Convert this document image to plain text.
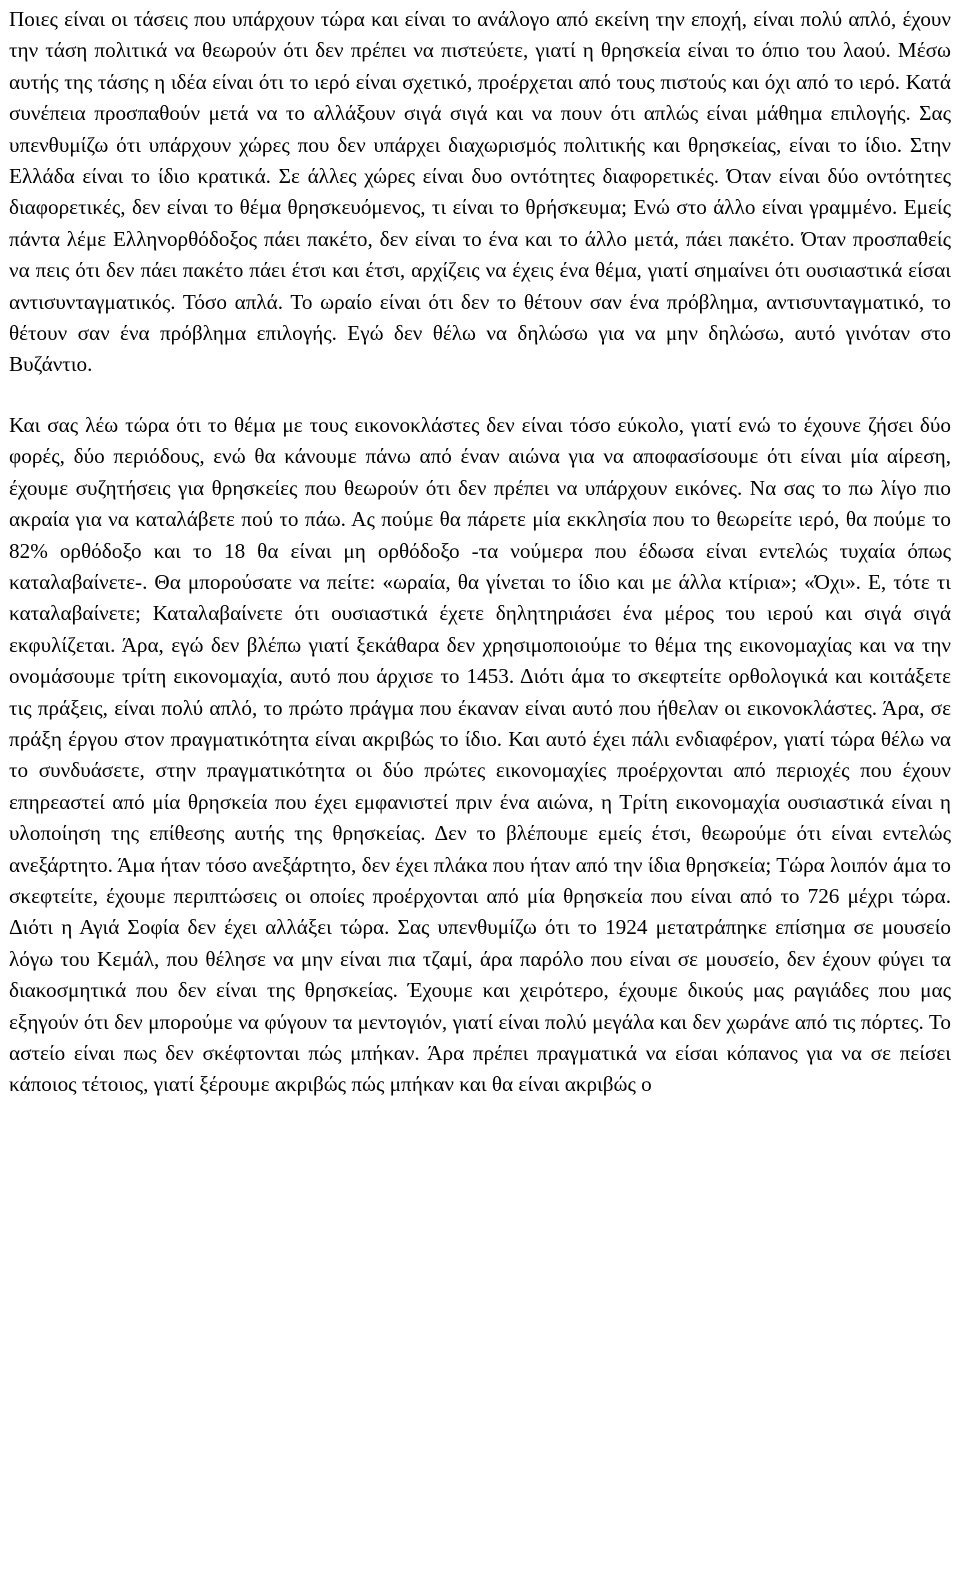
Ποιες είναι οι τάσεις που υπάρχουν τώρα και είναι το ανάλογο από εκείνη την εποχή, είναι πολύ απλό, έχουν την τάση πολιτικά να θεωρούν ότι δεν πρέπει να πιστεύετε, γιατί η θρησκεία είναι το όπιο του λαού. Μέσω αυτής της τάσης η ιδέα είναι ότι το ιερό είναι σχετικό, προέρχεται από τους πιστούς και όχι από το ιερό. Κατά συνέπεια προσπαθούν μετά να το αλλάξουν σιγά σιγά και να πουν ότι απλώς είναι μάθημα επιλογής. Σας υπενθυμίζω ότι υπάρχουν χώρες που δεν υπάρχει διαχωρισμός πολιτικής και θρησκείας, είναι το ίδιο. Στην Ελλάδα είναι το ίδιο κρατικά. Σε άλλες χώρες είναι δυο οντότητες διαφορετικές. Όταν είναι δύο οντότητες διαφορετικές, δεν είναι το θέμα θρησκευόμενος, τι είναι το θρήσκευμα; Ενώ στο άλλο είναι γραμμένο. Εμείς πάντα λέμε Ελληνορθόδοξος πάει πακέτο, δεν είναι το ένα και το άλλο μετά, πάει πακέτο. Όταν προσπαθείς να πεις ότι δεν πάει πακέτο πάει έτσι και έτσι, αρχίζεις να έχεις ένα θέμα, γιατί σημαίνει ότι ουσιαστικά είσαι αντισυνταγματικός. Τόσο απλά. Το ωραίο είναι ότι δεν το θέτουν σαν ένα πρόβλημα, αντισυνταγματικό, το θέτουν σαν ένα πρόβλημα επιλογής. Εγώ δεν θέλω να δηλώσω για να μην δηλώσω, αυτό γινόταν στο Βυζάντιο.

Και σας λέω τώρα ότι το θέμα με τους εικονοκλάστες δεν είναι τόσο εύκολο, γιατί ενώ το έχουνε ζήσει δύο φορές, δύο περιόδους, ενώ θα κάνουμε πάνω από έναν αιώνα για να αποφασίσουμε ότι είναι μία αίρεση, έχουμε συζητήσεις για θρησκείες που θεωρούν ότι δεν πρέπει να υπάρχουν εικόνες. Να σας το πω λίγο πιο ακραία για να καταλάβετε πού το πάω. Ας πούμε θα πάρετε μία εκκλησία που το θεωρείτε ιερό, θα πούμε το 82% ορθόδοξο και το 18 θα είναι μη ορθόδοξο -τα νούμερα που έδωσα είναι εντελώς τυχαία όπως καταλαβαίνετε-. Θα μπορούσατε να πείτε: «ωραία, θα γίνεται το ίδιο και με άλλα κτίρια»; «Όχι». Ε, τότε τι καταλαβαίνετε; Καταλαβαίνετε ότι ουσιαστικά έχετε δηλητηριάσει ένα μέρος του ιερού και σιγά σιγά εκφυλίζεται. Άρα, εγώ δεν βλέπω γιατί ξεκάθαρα δεν χρησιμοποιούμε το θέμα της εικονομαχίας και να την ονομάσουμε τρίτη εικονομαχία, αυτό που άρχισε το 1453. Διότι άμα το σκεφτείτε ορθολογικά και κοιτάξετε τις πράξεις, είναι πολύ απλό, το πρώτο πράγμα που έκαναν είναι αυτό που ήθελαν οι εικονοκλάστες. Άρα, σε πράξη έργου στον πραγματικότητα είναι ακριβώς το ίδιο. Και αυτό έχει πάλι ενδιαφέρον, γιατί τώρα θέλω να το συνδυάσετε, στην πραγματικότητα οι δύο πρώτες εικονομαχίες προέρχονται από περιοχές που έχουν επηρεαστεί από μία θρησκεία που έχει εμφανιστεί πριν ένα αιώνα, η Τρίτη εικονομαχία ουσιαστικά είναι η υλοποίηση της επίθεσης αυτής της θρησκείας. Δεν το βλέπουμε εμείς έτσι, θεωρούμε ότι είναι εντελώς ανεξάρτητο. Άμα ήταν τόσο ανεξάρτητο, δεν έχει πλάκα που ήταν από την ίδια θρησκεία; Τώρα λοιπόν άμα το σκεφτείτε, έχουμε περιπτώσεις οι οποίες προέρχονται από μία θρησκεία που είναι από το 726 μέχρι τώρα. Διότι η Αγιά Σοφία δεν έχει αλλάξει τώρα. Σας υπενθυμίζω ότι το 1924 μετατράπηκε επίσημα σε μουσείο λόγω του Κεμάλ, που θέλησε να μην είναι πια τζαμί, άρα παρόλο που είναι σε μουσείο, δεν έχουν φύγει τα διακοσμητικά που δεν είναι της θρησκείας. Έχουμε και χειρότερο, έχουμε δικούς μας ραγιάδες που μας εξηγούν ότι δεν μπορούμε να φύγουν τα μεντογιόν, γιατί είναι πολύ μεγάλα και δεν χωράνε από τις πόρτες. Το αστείο είναι πως δεν σκέφτονται πώς μπήκαν. Άρα πρέπει πραγματικά να είσαι κόπανος για να σε πείσει κάποιος τέτοιος, γιατί ξέρουμε ακριβώς πώς μπήκαν και θα είναι ακριβώς ο
